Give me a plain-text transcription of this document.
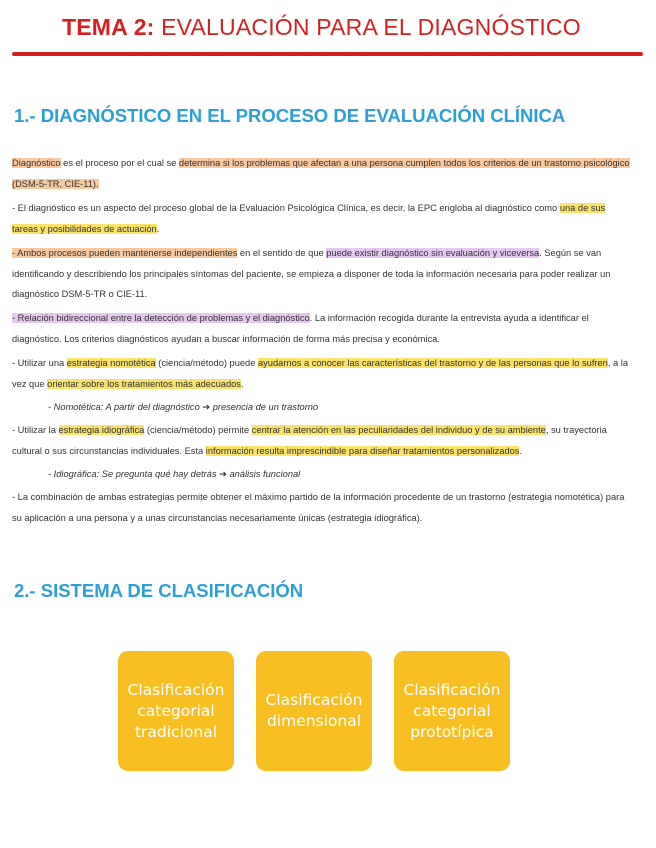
TEMA 2: EVALUACIÓN PARA EL DIAGNÓSTICO
1.- DIAGNÓSTICO EN EL PROCESO DE EVALUACIÓN CLÍNICA

Diagnóstico es el proceso por el cual se determina si los problemas que afectan a una persona cumplen todos los criterios de un trastorno psicológico (DSM-5-TR, CIE-11).

- El diagnóstico es un aspecto del proceso global de la Evaluación Psicológica Clínica, es decir, la EPC engloba al diagnóstico como una de sus tareas y posibilidades de actuación.

- Ambos procesos pueden mantenerse independientes en el sentido de que puede existir diagnóstico sin evaluación y viceversa. Según se van identificando y describiendo los principales síntomas del paciente, se empieza a disponer de toda la información necesaria para poder realizar un diagnóstico DSM-5-TR o CIE-11.

- Relación bidireccional entre la detección de problemas y el diagnóstico. La información recogida durante la entrevista ayuda a identificar el diagnóstico. Los criterios diagnósticos ayudan a buscar información de forma más precisa y económica.

- Utilizar una estrategia nomotética (ciencia/método) puede ayudarnos a conocer las características del trastorno y de las personas que lo sufren, a la vez que orientar sobre los tratamientos más adecuados.

- Nomotética: A partir del diagnóstico ➔ presencia de un trastorno

- Utilizar la estrategia idiográfica (ciencia/método) permite centrar la atención en las peculiaridades del individuo y de su ambiente, su trayectoria cultural o sus circunstancias individuales. Esta información resulta imprescindible para diseñar tratamientos personalizados.

- Idiográfica: Se pregunta qué hay detrás ➔ análisis funcional

- La combinación de ambas estrategias permite obtener el máximo partido de la información procedente de un trastorno (estrategia nomotética) para su aplicación a una persona y a unas circunstancias necesariamente únicas (estrategia idiográfica).

2.- SISTEMA DE CLASIFICACIÓN
Clasificación categorial tradicional
Clasificación dimensional
Clasificación categorial prototípica
